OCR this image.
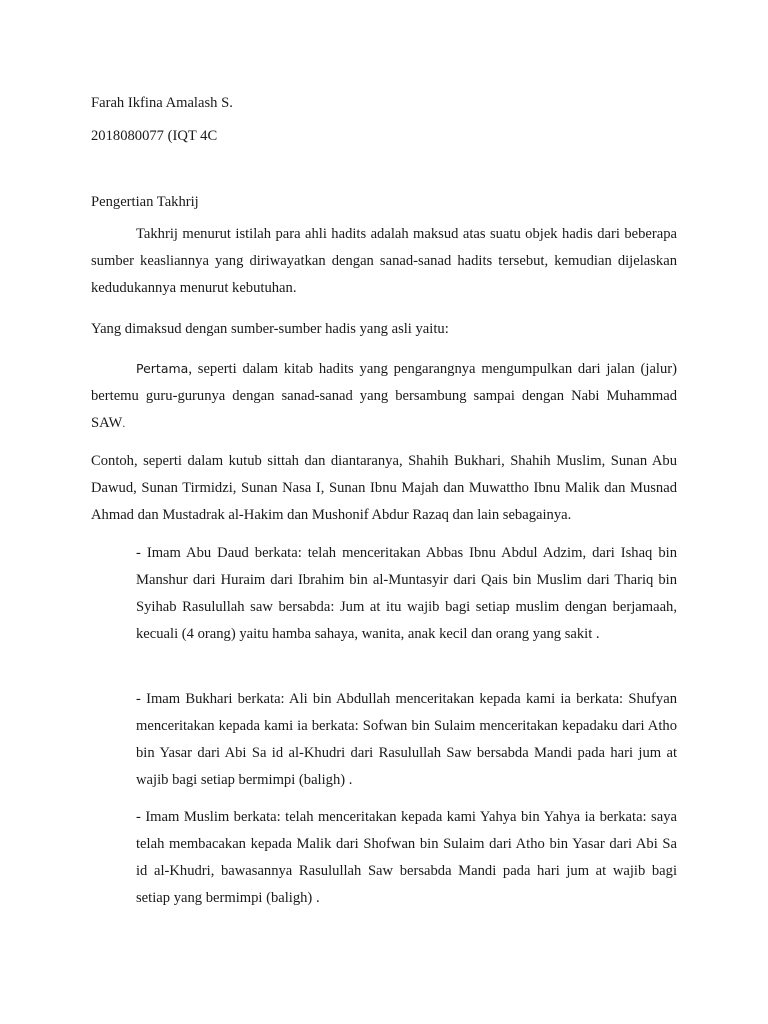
Farah Ikfina Amalash S.

2018080077 (IQT 4C

Pengertian Takhrij

Takhrij menurut istilah para ahli hadits adalah maksud atas suatu objek hadis dari beberapa sumber keasliannya yang diriwayatkan dengan sanad-sanad hadits tersebut, kemudian dijelaskan kedudukannya menurut kebutuhan.

Yang dimaksud dengan sumber-sumber hadis yang asli yaitu:

Pertama, seperti dalam kitab hadits yang pengarangnya mengumpulkan dari jalan (jalur) bertemu guru-gurunya dengan sanad-sanad yang bersambung sampai dengan Nabi Muhammad SAW.

Contoh, seperti dalam kutub sittah dan diantaranya, Shahih Bukhari, Shahih Muslim, Sunan Abu Dawud, Sunan Tirmidzi, Sunan Nasa I, Sunan Ibnu Majah dan Muwattho Ibnu Malik dan Musnad Ahmad dan Mustadrak al-Hakim dan Mushonif Abdur Razaq dan lain sebagainya.

- Imam Abu Daud berkata: telah menceritakan Abbas Ibnu Abdul Adzim, dari Ishaq bin Manshur dari Huraim dari Ibrahim bin al-Muntasyir dari Qais bin Muslim dari Thariq bin Syihab Rasulullah saw bersabda: Jum at itu wajib bagi setiap muslim dengan berjamaah, kecuali (4 orang) yaitu hamba sahaya, wanita, anak kecil dan orang yang sakit .

- Imam Bukhari berkata: Ali bin Abdullah menceritakan kepada kami ia berkata: Shufyan menceritakan kepada kami ia berkata: Sofwan bin Sulaim menceritakan kepadaku dari Atho bin Yasar dari Abi Sa id al-Khudri dari Rasulullah Saw bersabda Mandi pada hari jum at wajib bagi setiap bermimpi (baligh) .

- Imam Muslim berkata: telah menceritakan kepada kami Yahya bin Yahya ia berkata: saya telah membacakan kepada Malik dari Shofwan bin Sulaim dari Atho bin Yasar dari Abi Sa id al-Khudri, bawasannya Rasulullah Saw bersabda Mandi pada hari jum at wajib bagi setiap yang bermimpi (baligh) .
